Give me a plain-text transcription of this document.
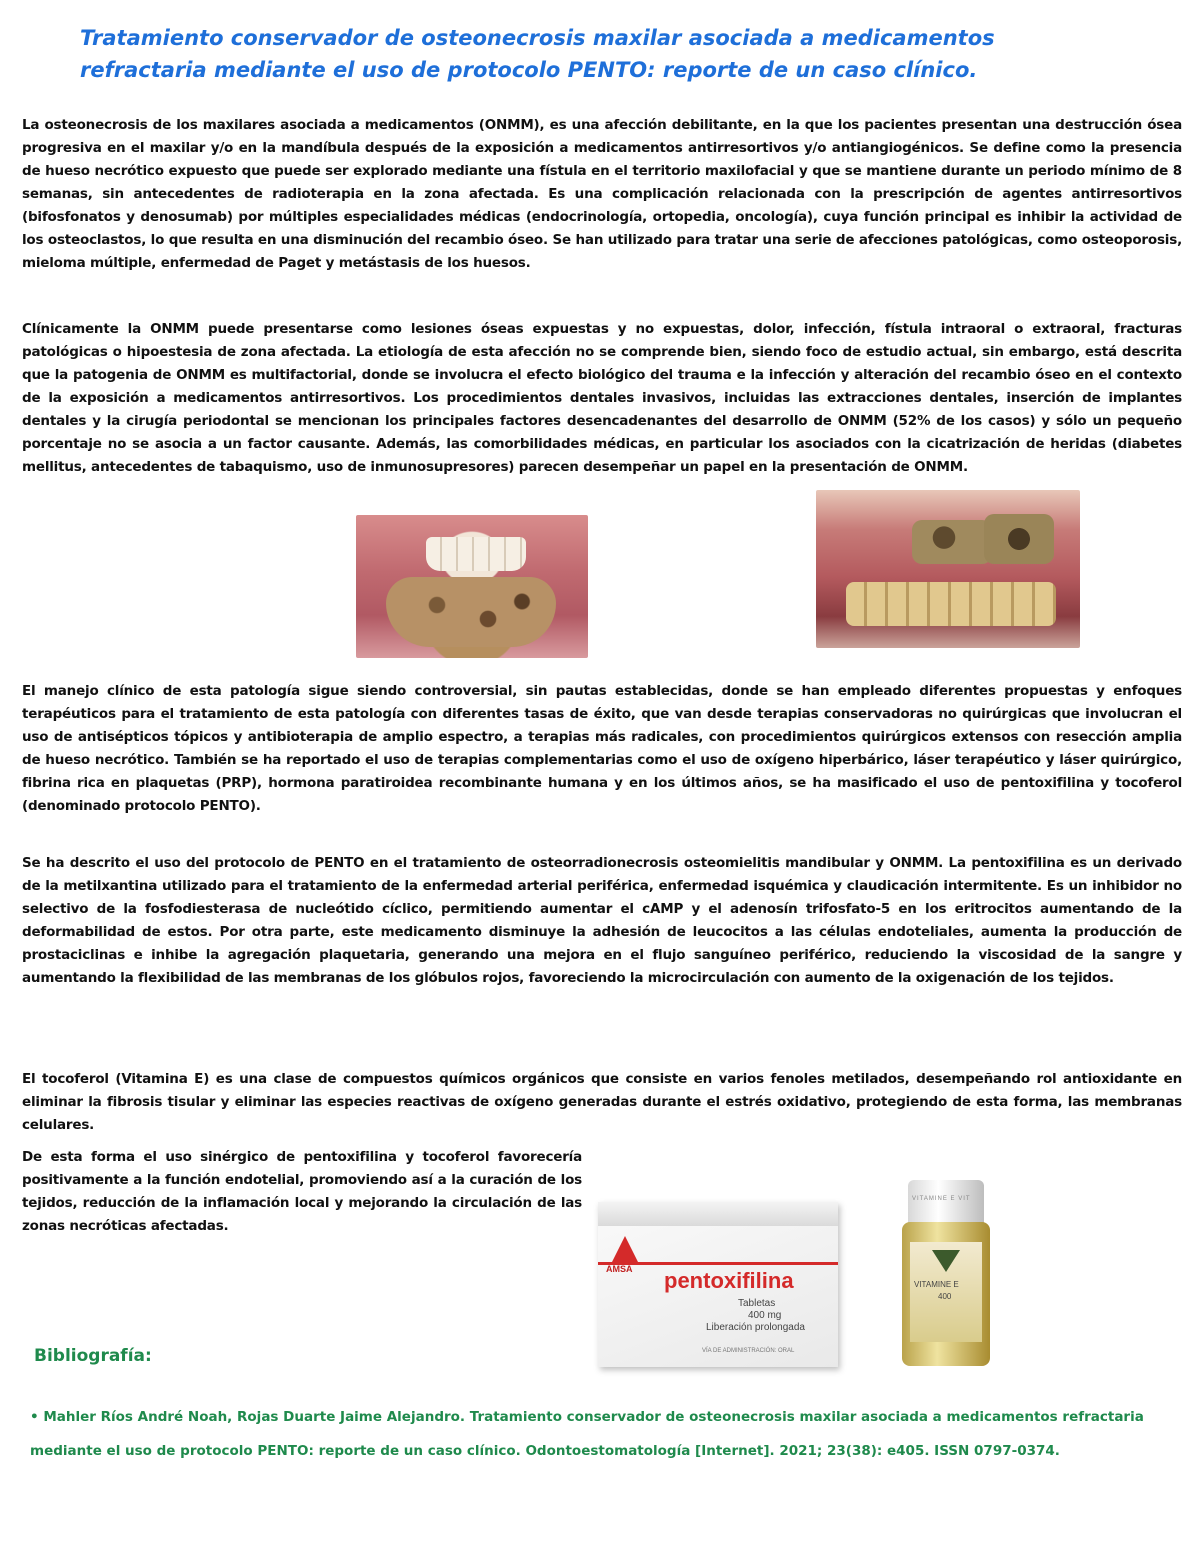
Tratamiento conservador de osteonecrosis maxilar asociada a medicamentos refractaria mediante el uso de protocolo PENTO: reporte de un caso clínico.

La osteonecrosis de los maxilares asociada a medicamentos (ONMM), es una afección debilitante, en la que los pacientes presentan una destrucción ósea progresiva en el maxilar y/o en la mandíbula después de la exposición a medicamentos antirresortivos y/o antiangiogénicos. Se define como la presencia de hueso necrótico expuesto que puede ser explorado mediante una fístula en el territorio maxilofacial y que se mantiene durante un periodo mínimo de 8 semanas, sin antecedentes de radioterapia en la zona afectada. Es una complicación relacionada con la prescripción de agentes antirresortivos (bifosfonatos y denosumab) por múltiples especialidades médicas (endocrinología, ortopedia, oncología), cuya función principal es inhibir la actividad de los osteoclastos, lo que resulta en una disminución del recambio óseo. Se han utilizado para tratar una serie de afecciones patológicas, como osteoporosis, mieloma múltiple, enfermedad de Paget y metástasis de los huesos.

Clínicamente la ONMM puede presentarse como lesiones óseas expuestas y no expuestas, dolor, infección, fístula intraoral o extraoral, fracturas patológicas o hipoestesia de zona afectada. La etiología de esta afección no se comprende bien, siendo foco de estudio actual, sin embargo, está descrita que la patogenia de ONMM es multifactorial, donde se involucra el efecto biológico del trauma e la infección y alteración del recambio óseo en el contexto de la exposición a medicamentos antirresortivos. Los procedimientos dentales invasivos, incluidas las extracciones dentales, inserción de implantes dentales y la cirugía periodontal se mencionan los principales factores desencadenantes del desarrollo de ONMM (52% de los casos) y sólo un pequeño porcentaje no se asocia a un factor causante. Además, las comorbilidades médicas, en particular los asociados con la cicatrización de heridas (diabetes mellitus, antecedentes de tabaquismo, uso de inmunosupresores) parecen desempeñar un papel en la presentación de ONMM.

El manejo clínico de esta patología sigue siendo controversial, sin pautas establecidas, donde se han empleado diferentes propuestas y enfoques terapéuticos para el tratamiento de esta patología con diferentes tasas de éxito, que van desde terapias conservadoras no quirúrgicas que involucran el uso de antisépticos tópicos y antibioterapia de amplio espectro, a terapias más radicales, con procedimientos quirúrgicos extensos con resección amplia de hueso necrótico. También se ha reportado el uso de terapias complementarias como el uso de oxígeno hiperbárico, láser terapéutico y láser quirúrgico, fibrina rica en plaquetas (PRP), hormona paratiroidea recombinante humana y en los últimos años, se ha masificado el uso de pentoxifilina y tocoferol (denominado protocolo PENTO).

Se ha descrito el uso del protocolo de PENTO en el tratamiento de osteorradionecrosis osteomielitis mandibular y ONMM. La pentoxifilina es un derivado de la metilxantina utilizado para el tratamiento de la enfermedad arterial periférica, enfermedad isquémica y claudicación intermitente. Es un inhibidor no selectivo de la fosfodiesterasa de nucleótido cíclico, permitiendo aumentar el cAMP y el adenosín trifosfato-5 en los eritrocitos aumentando de la deformabilidad de estos. Por otra parte, este medicamento disminuye la adhesión de leucocitos a las células endoteliales, aumenta la producción de prostaciclinas e inhibe la agregación plaquetaria, generando una mejora en el flujo sanguíneo periférico, reduciendo la viscosidad de la sangre y aumentando la flexibilidad de las membranas de los glóbulos rojos, favoreciendo la microcirculación con aumento de la oxigenación de los tejidos.

El tocoferol (Vitamina E) es una clase de compuestos químicos orgánicos que consiste en varios fenoles metilados, desempeñando rol antioxidante en eliminar la fibrosis tisular y eliminar las especies reactivas de oxígeno generadas durante el estrés oxidativo, protegiendo de esta forma, las membranas celulares.

De esta forma el uso sinérgico de pentoxifilina y tocoferol favorecería positivamente a la función endotelial, promoviendo así a la curación de los tejidos, reducción de la inflamación local y mejorando la circulación de las zonas necróticas afectadas.

AMSA pentoxifilina
Tabletas
400 mg
Liberación prolongada
VÍA DE ADMINISTRACIÓN: ORAL
VITAMINE E VIT
VITAMINE E
400
Bibliografía:
• Mahler Ríos André Noah, Rojas Duarte Jaime Alejandro. Tratamiento conservador de osteonecrosis maxilar asociada a medicamentos refractaria mediante el uso de protocolo PENTO: reporte de un caso clínico. Odontoestomatología [Internet]. 2021; 23(38): e405. ISSN 0797-0374.
